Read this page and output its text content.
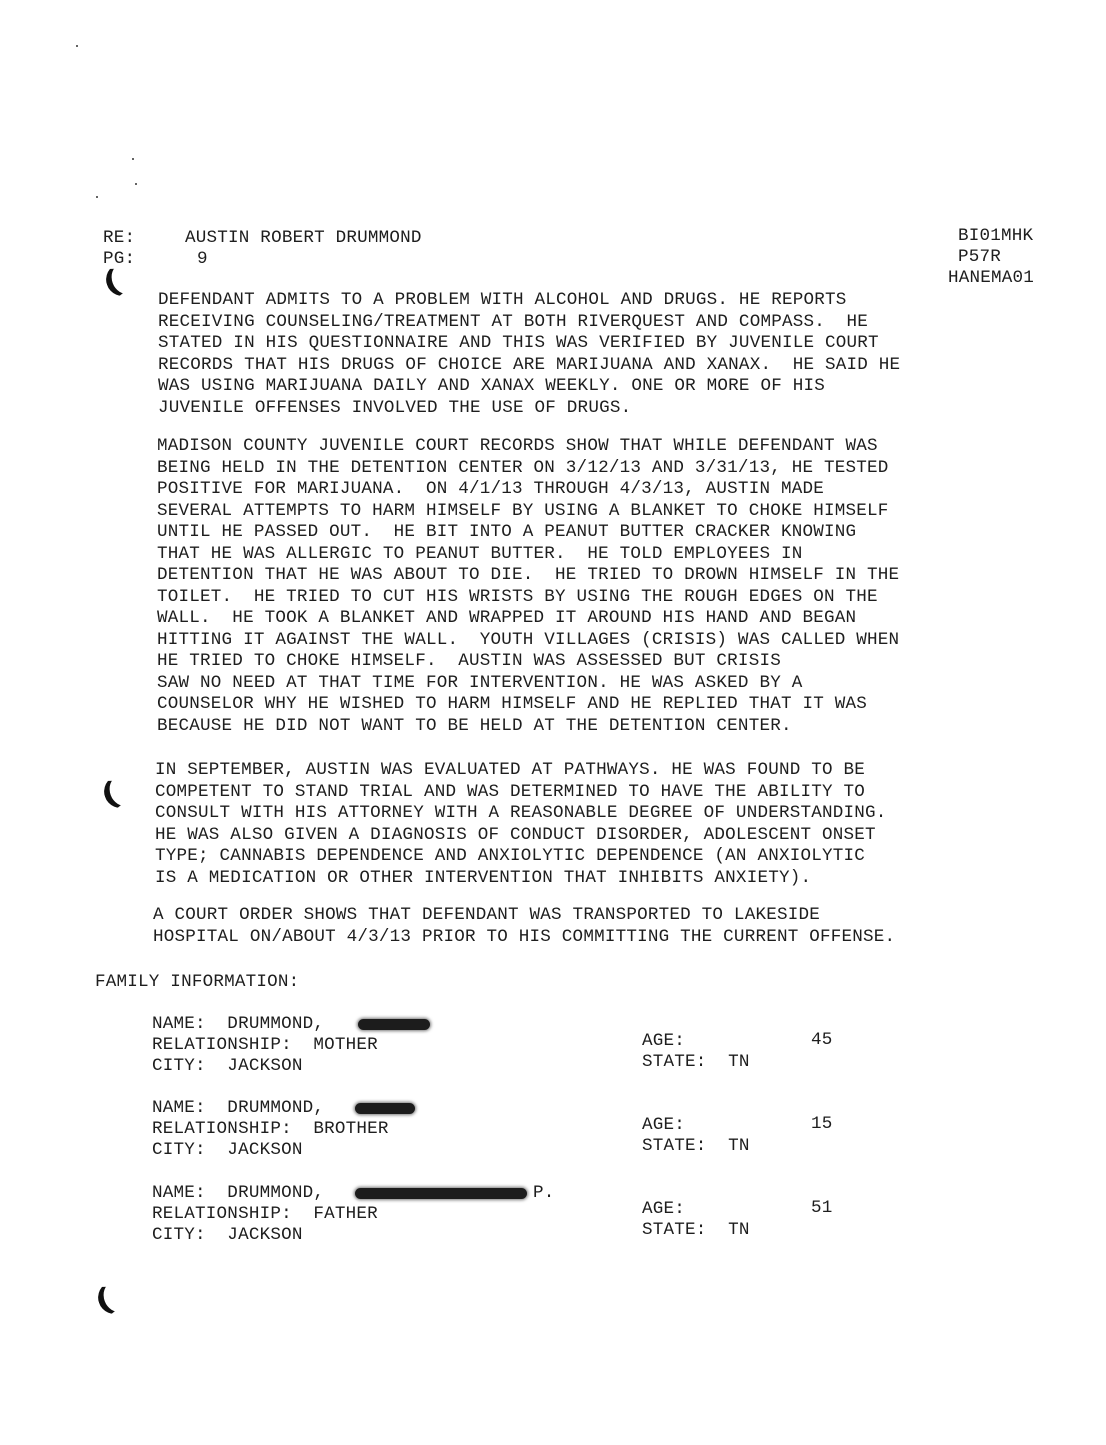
RE:	AUSTIN ROBERT DRUMMOND
PG:	9
BI01MHK
P57R
HANEMA01
DEFENDANT ADMITS TO A PROBLEM WITH ALCOHOL AND DRUGS. HE REPORTS
RECEIVING COUNSELING/TREATMENT AT BOTH RIVERQUEST AND COMPASS.  HE
STATED IN HIS QUESTIONNAIRE AND THIS WAS VERIFIED BY JUVENILE COURT
RECORDS THAT HIS DRUGS OF CHOICE ARE MARIJUANA AND XANAX.  HE SAID HE
WAS USING MARIJUANA DAILY AND XANAX WEEKLY. ONE OR MORE OF HIS
JUVENILE OFFENSES INVOLVED THE USE OF DRUGS.
MADISON COUNTY JUVENILE COURT RECORDS SHOW THAT WHILE DEFENDANT WAS
BEING HELD IN THE DETENTION CENTER ON 3/12/13 AND 3/31/13, HE TESTED
POSITIVE FOR MARIJUANA.  ON 4/1/13 THROUGH 4/3/13, AUSTIN MADE
SEVERAL ATTEMPTS TO HARM HIMSELF BY USING A BLANKET TO CHOKE HIMSELF
UNTIL HE PASSED OUT.  HE BIT INTO A PEANUT BUTTER CRACKER KNOWING
THAT HE WAS ALLERGIC TO PEANUT BUTTER.  HE TOLD EMPLOYEES IN
DETENTION THAT HE WAS ABOUT TO DIE.  HE TRIED TO DROWN HIMSELF IN THE
TOILET.  HE TRIED TO CUT HIS WRISTS BY USING THE ROUGH EDGES ON THE
WALL.  HE TOOK A BLANKET AND WRAPPED IT AROUND HIS HAND AND BEGAN
HITTING IT AGAINST THE WALL.  YOUTH VILLAGES (CRISIS) WAS CALLED WHEN
HE TRIED TO CHOKE HIMSELF.  AUSTIN WAS ASSESSED BUT CRISIS
SAW NO NEED AT THAT TIME FOR INTERVENTION. HE WAS ASKED BY A
COUNSELOR WHY HE WISHED TO HARM HIMSELF AND HE REPLIED THAT IT WAS
BECAUSE HE DID NOT WANT TO BE HELD AT THE DETENTION CENTER.
IN SEPTEMBER, AUSTIN WAS EVALUATED AT PATHWAYS. HE WAS FOUND TO BE
COMPETENT TO STAND TRIAL AND WAS DETERMINED TO HAVE THE ABILITY TO
CONSULT WITH HIS ATTORNEY WITH A REASONABLE DEGREE OF UNDERSTANDING.
HE WAS ALSO GIVEN A DIAGNOSIS OF CONDUCT DISORDER, ADOLESCENT ONSET
TYPE; CANNABIS DEPENDENCE AND ANXIOLYTIC DEPENDENCE (AN ANXIOLYTIC
IS A MEDICATION OR OTHER INTERVENTION THAT INHIBITS ANXIETY).
A COURT ORDER SHOWS THAT DEFENDANT WAS TRANSPORTED TO LAKESIDE
HOSPITAL ON/ABOUT 4/3/13 PRIOR TO HIS COMMITTING THE CURRENT OFFENSE.
FAMILY INFORMATION:
NAME:  DRUMMOND,
RELATIONSHIP:  MOTHER
CITY:  JACKSON
AGE:
STATE:  TN
45
NAME:  DRUMMOND,
RELATIONSHIP:  BROTHER
CITY:  JACKSON
AGE:
STATE:  TN
15
NAME:  DRUMMOND,
RELATIONSHIP:  FATHER
CITY:  JACKSON
P.
AGE:
STATE:  TN
51
